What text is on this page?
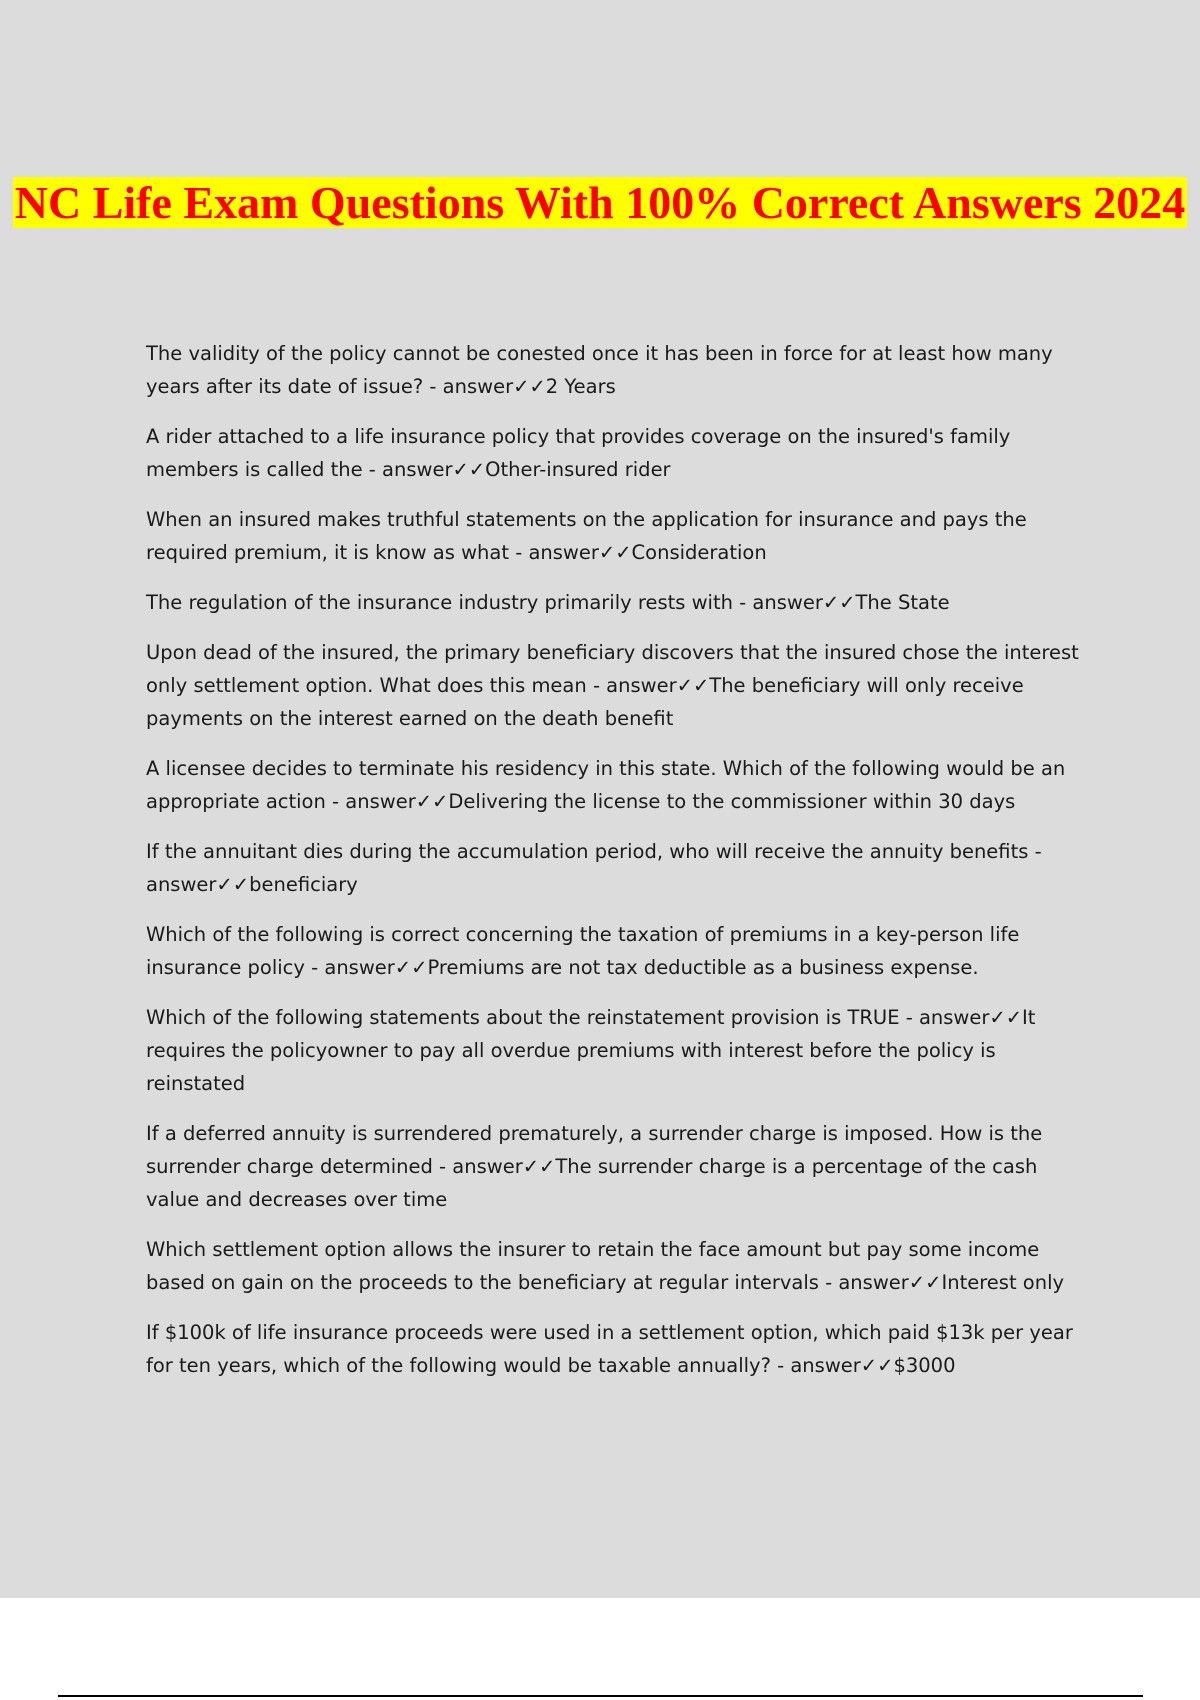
NC Life Exam Questions With 100% Correct Answers 2024
The validity of the policy cannot be conested once it has been in force for at least how many years after its date of issue? - answer✓✓2 Years
A rider attached to a life insurance policy that provides coverage on the insured's family members is called the - answer✓✓Other-insured rider
When an insured makes truthful statements on the application for insurance and pays the required premium, it is know as what - answer✓✓Consideration
The regulation of the insurance industry primarily rests with - answer✓✓The State
Upon dead of the insured, the primary beneficiary discovers that the insured chose the interest only settlement option. What does this mean - answer✓✓The beneficiary will only receive payments on the interest earned on the death benefit
A licensee decides to terminate his residency in this state. Which of the following would be an appropriate action - answer✓✓Delivering the license to the commissioner within 30 days
If the annuitant dies during the accumulation period, who will receive the annuity benefits - answer✓✓beneficiary
Which of the following is correct concerning the taxation of premiums in a key-person life insurance policy - answer✓✓Premiums are not tax deductible as a business expense.
Which of the following statements about the reinstatement provision is TRUE - answer✓✓It requires the policyowner to pay all overdue premiums with interest before the policy is reinstated
If a deferred annuity is surrendered prematurely, a surrender charge is imposed. How is the surrender charge determined - answer✓✓The surrender charge is a percentage of the cash value and decreases over time
Which settlement option allows the insurer to retain the face amount but pay some income based on gain on the proceeds to the beneficiary at regular intervals - answer✓✓Interest only
If $100k of life insurance proceeds were used in a settlement option, which paid $13k per year for ten years, which of the following would be taxable annually? - answer✓✓$3000
